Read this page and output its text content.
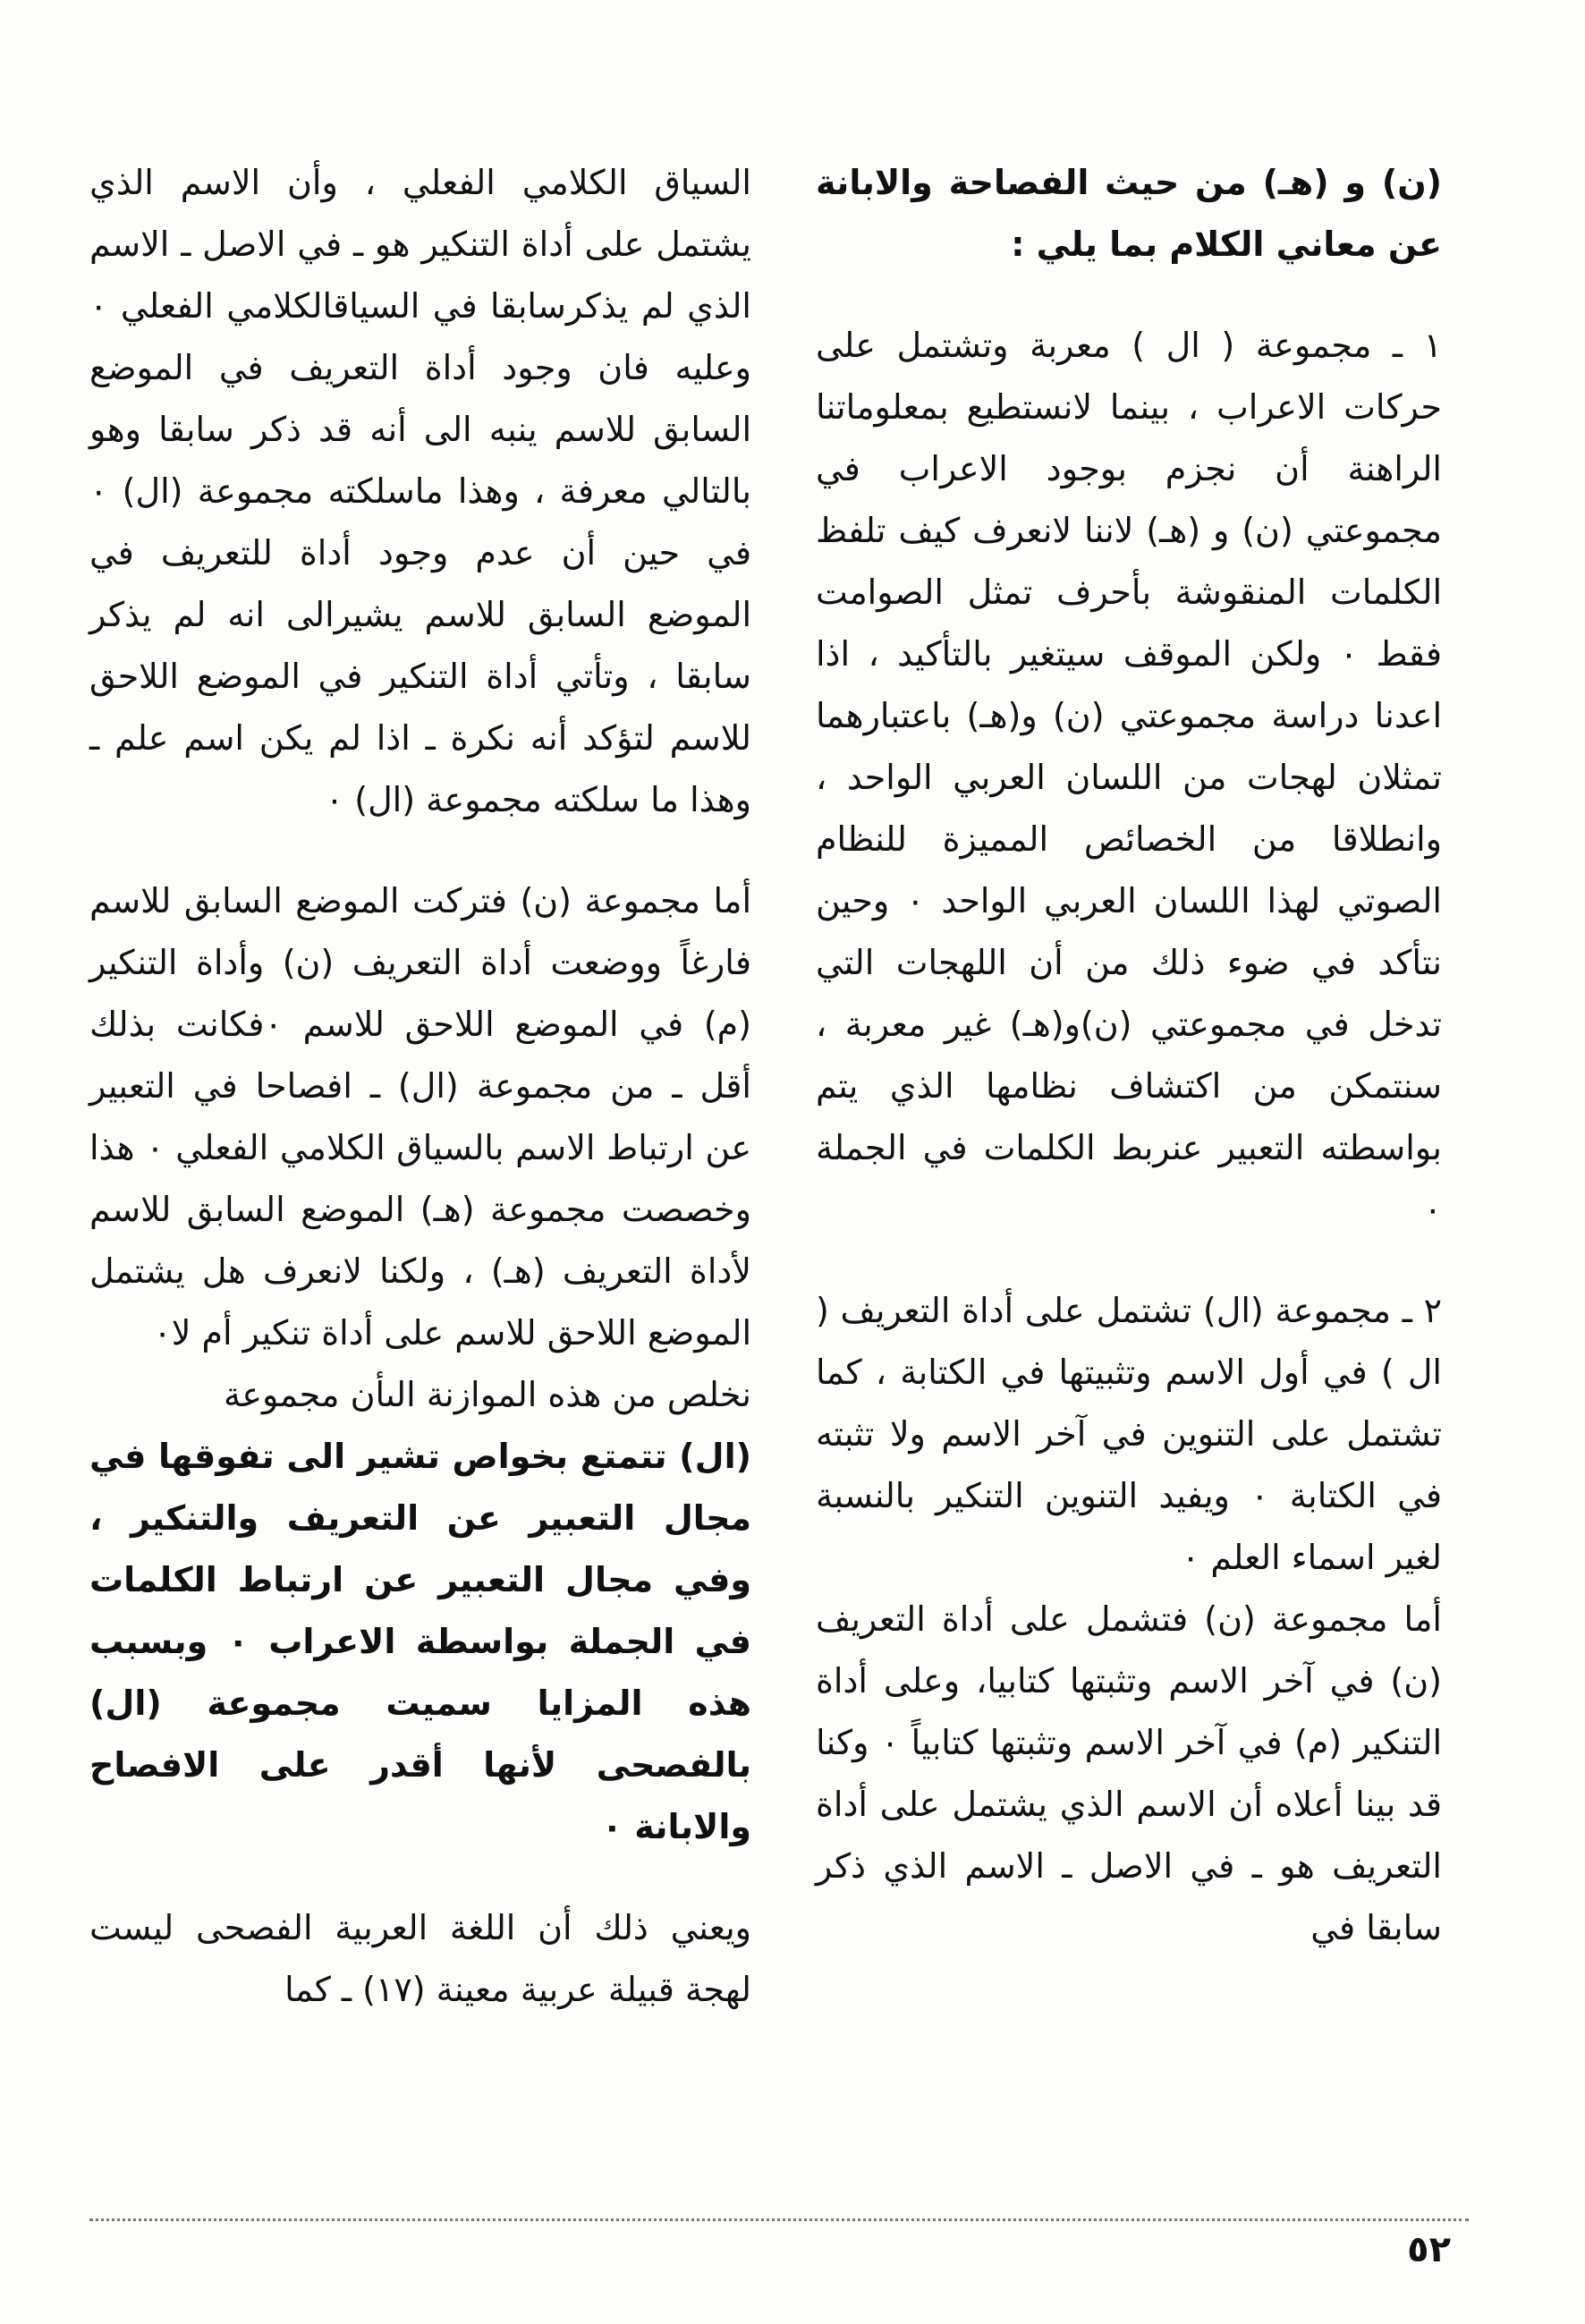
(ن) و (هـ) من حيث الفصاحة والابانة عن معاني الكلام بما يلي :

١ ـ مجموعة ( ال ) معربة وتشتمل على حركات الاعراب ، بينما لانستطيع بمعلوماتنا الراهنة أن نجزم بوجود الاعراب في مجموعتي (ن) و (هـ) لاننا لانعرف كيف تلفظ الكلمات المنقوشة بأحرف تمثل الصوامت فقط ٠ ولكن الموقف سيتغير بالتأكيد ، اذا اعدنا دراسة مجموعتي (ن) و(هـ) باعتبارهما تمثلان لهجات من اللسان العربي الواحد ، وانطلاقا من الخصائص المميزة للنظام الصوتي لهذا اللسان العربي الواحد ٠ وحين نتأكد في ضوء ذلك من أن اللهجات التي تدخل في مجموعتي (ن)و(هـ) غير معربة ، سنتمكن من اكتشاف نظامها الذي يتم بواسطته التعبير عنربط الكلمات في الجملة ٠

٢ ـ مجموعة (ال) تشتمل على أداة التعريف ( ال ) في أول الاسم وتثبيتها في الكتابة ، كما تشتمل على التنوين في آخر الاسم ولا تثبته في الكتابة ٠ ويفيد التنوين التنكير بالنسبة لغير اسماء العلم ٠

أما مجموعة (ن) فتشمل على أداة التعريف (ن) في آخر الاسم وتثبتها كتابيا، وعلى أداة التنكير (م) في آخر الاسم وتثبتها كتابياً ٠ وكنا قد بينا أعلاه أن الاسم الذي يشتمل على أداة التعريف هو ـ في الاصل ـ الاسم الذي ذكر سابقا في

السياق الكلامي الفعلي ، وأن الاسم الذي يشتمل على أداة التنكير هو ـ في الاصل ـ الاسم الذي لم يذكرسابقا في السياقالكلامي الفعلي ٠ وعليه فان وجود أداة التعريف في الموضع السابق للاسم ينبه الى أنه قد ذكر سابقا وهو بالتالي معرفة ، وهذا ماسلكته مجموعة (ال) ٠ في حين أن عدم وجود أداة للتعريف في الموضع السابق للاسم يشيرالى انه لم يذكر سابقا ، وتأتي أداة التنكير في الموضع اللاحق للاسم لتؤكد أنه نكرة ـ اذا لم يكن اسم علم ـ وهذا ما سلكته مجموعة (ال) ٠

أما مجموعة (ن) فتركت الموضع السابق للاسم فارغاً ووضعت أداة التعريف (ن) وأداة التنكير (م) في الموضع اللاحق للاسم ٠فكانت بذلك أقل ـ من مجموعة (ال) ـ افصاحا في التعبير عن ارتباط الاسم بالسياق الكلامي الفعلي ٠ هذا وخصصت مجموعة (هـ) الموضع السابق للاسم لأداة التعريف (هـ) ، ولكنا لانعرف هل يشتمل الموضع اللاحق للاسم على أداة تنكير أم لا٠

نخلص من هذه الموازنة الىأن مجموعة

(ال) تتمتع بخواص تشير الى تفوقها في مجال التعبير عن التعريف والتنكير ، وفي مجال التعبير عن ارتباط الكلمات في الجملة بواسطة الاعراب ٠ وبسبب هذه المزايا سميت مجموعة (ال) بالفصحى لأنها أقدر على الافصاح والابانة ٠

ويعني ذلك أن اللغة العربية الفصحى ليست لهجة قبيلة عربية معينة (١٧) ـ كما

٥٢
